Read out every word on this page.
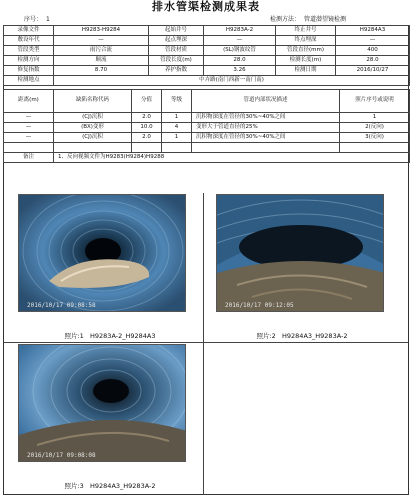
排水管渠检测成果表
序号： 1	检测方法： 管道潜望镜检测
录像文件	H9283-H9284	起始井号	H9283A-2	终止井号	H9284A3
敷设年代	—	起点埋深	—	终点埋深	—
管段类型	雨污合流	管段材质	(SL)钢波纹管	管段直径(mm)	400
检测方向	顺流	管段长度(m)	28.0	检测长度(m)	28.0
修复指数	8.70	养护指数	3.26	检测日期	2016/10/27
检测地点	中卉路(南门西新一南门南)				
距离(m)	缺陷名称代码	分值	等级	管道内部状况描述	照片序号或说明
—	(CJ)沉积	2.0	1	沉积物深度在管径的30%~40%之间	1
—	(BX)变形	10.0	4	变形大于管道直径的25%	2(反向)
—	(CJ)沉积	2.0	1	沉积物深度在管径的30%~40%之间	3(反向)

备注	1、反向视频文件为H9283(H9284)H9288				
2016/10/17 09:08:58
照片:1 H9283A-2_H9284A3
2016/10/17 09:12:05
照片:2 H9284A3_H9283A-2
2016/10/17 09:08:08
照片:3 H9284A3_H9283A-2
